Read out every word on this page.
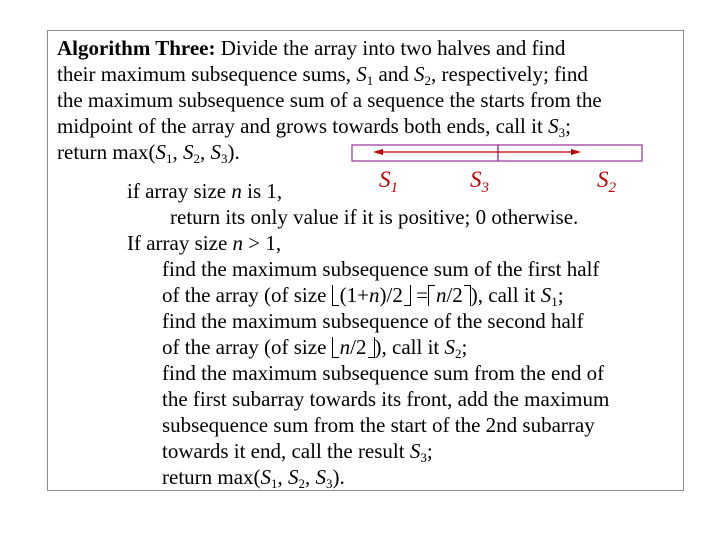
Algorithm Three: Divide the array into two halves and find
their maximum subsequence sums, $S_1$ and $S_2$, respectively; find
the maximum subsequence sum of a sequence the starts from the
midpoint of the array and grows towards both ends, call it $S_3$;
return $\max(S_1$, $S_2$, $S_3$).
$S_1$	$S_3$	$S_2$
if array size n is 1,
return its only value if it is positive; 0 otherwise.
If array size n > 1,
find the maximum subsequence sum of the first half
of the array (of size (1+n)/2 = n/2 ), call it $S_1$;
find the maximum subsequence of the second half
of the array (of size n/2 ), call it $S_2$;
find the maximum subsequence sum from the end of
the first subarray towards its front, add the maximum
subsequence sum from the start of the 2nd subarray
towards it end, call the result $S_3$;
return $\max(S_1$, $S_2$, $S_3$).
